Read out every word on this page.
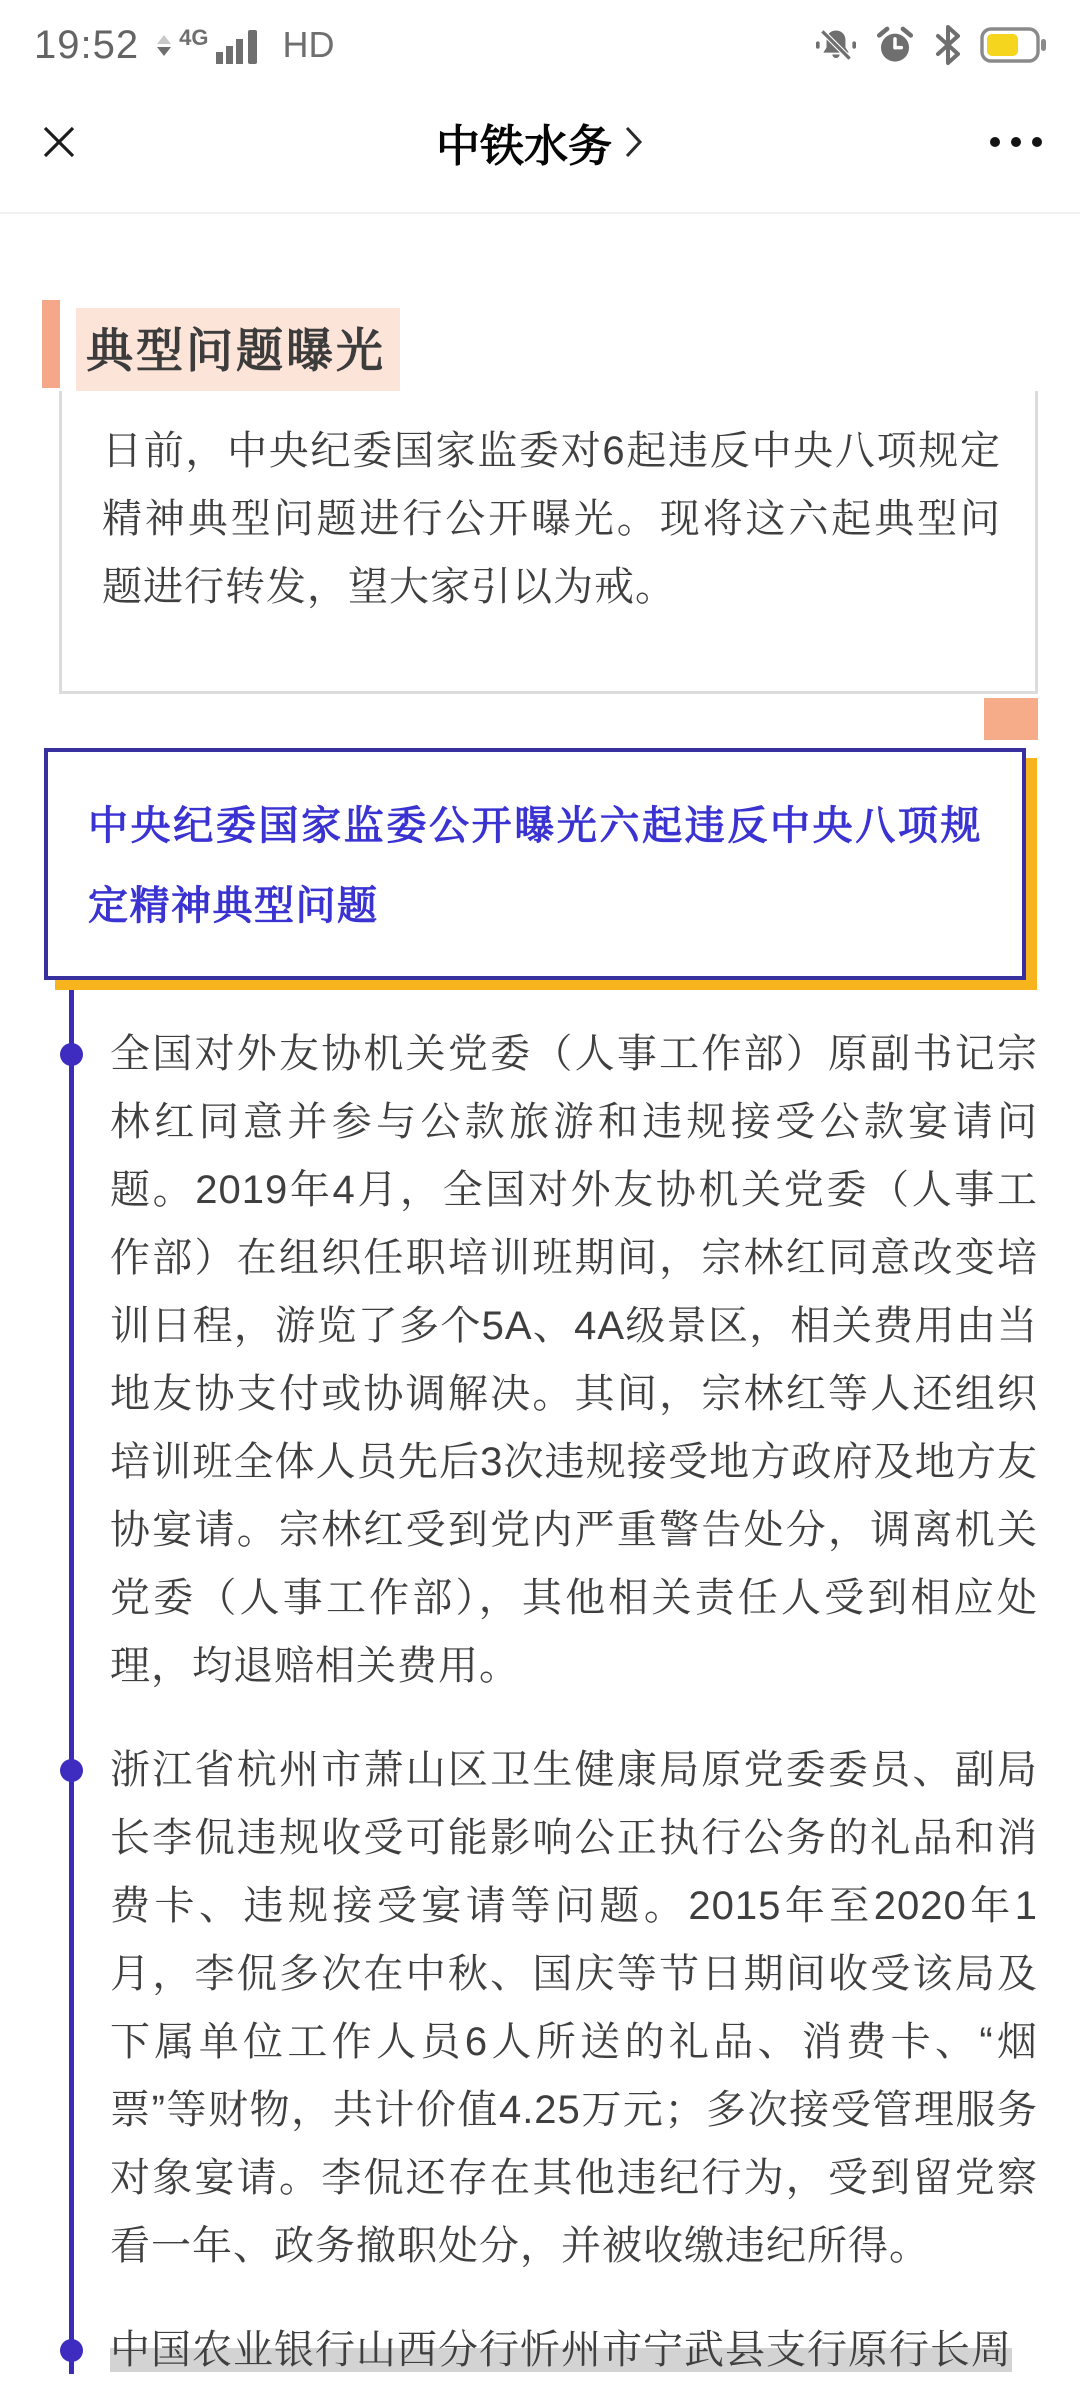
19:52 4G HD
中铁水务
典型问题曝光

日前，中央纪委国家监委对6起违反中央八项规定精神典型问题进行公开曝光。现将这六起典型问题进行转发，望大家引以为戒。

中央纪委国家监委公开曝光六起违反中央八项规定精神典型问题

全国对外友协机关党委（人事工作部）原副书记宗林红同意并参与公款旅游和违规接受公款宴请问题。2019年4月，全国对外友协机关党委（人事工作部）在组织任职培训班期间，宗林红同意改变培训日程，游览了多个5A、4A级景区，相关费用由当地友协支付或协调解决。其间，宗林红等人还组织培训班全体人员先后3次违规接受地方政府及地方友协宴请。宗林红受到党内严重警告处分，调离机关党委（人事工作部），其他相关责任人受到相应处理，均退赔相关费用。

浙江省杭州市萧山区卫生健康局原党委委员、副局长李侃违规收受可能影响公正执行公务的礼品和消费卡、违规接受宴请等问题。2015年至2020年1月，李侃多次在中秋、国庆等节日期间收受该局及下属单位工作人员6人所送的礼品、消费卡、“烟票”等财物，共计价值4.25万元；多次接受管理服务对象宴请。李侃还存在其他违纪行为，受到留党察看一年、政务撤职处分，并被收缴违纪所得。

中国农业银行山西分行忻州市宁武县支行原行长周
